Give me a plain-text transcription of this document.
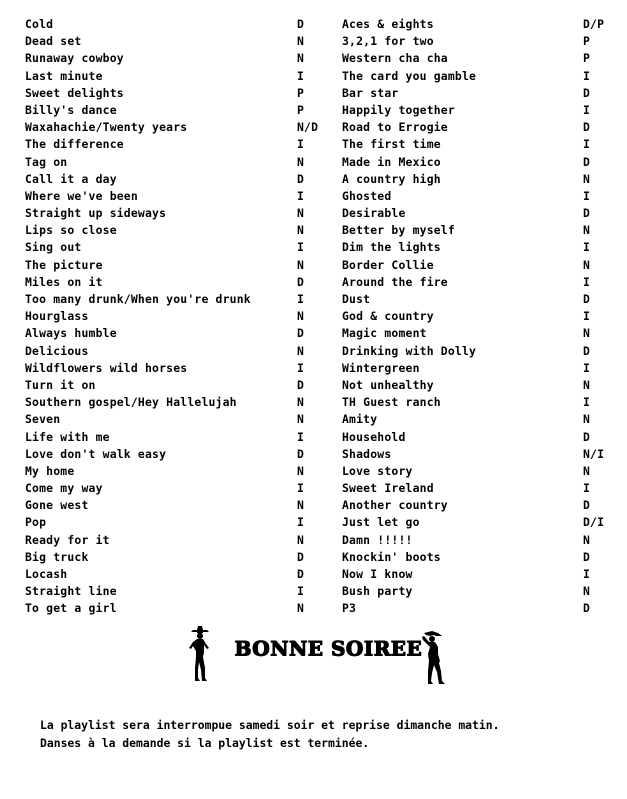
Cold	D
Dead set	N
Runaway cowboy	N
Last minute	I
Sweet delights	P
Billy's dance	P
Waxahachie/Twenty years	N/D
The difference	I
Tag on	N
Call it a day	D
Where we've been	I
Straight up sideways	N
Lips so close	N
Sing out	I
The picture	N
Miles on it	D
Too many drunk/When you're drunk	I
Hourglass	N
Always humble	D
Delicious	N
Wildflowers wild horses	I
Turn it on	D
Southern gospel/Hey Hallelujah	N
Seven	N
Life with me	I
Love don't walk easy	D
My home	N
Come my way	I
Gone west	N
Pop	I
Ready for it	N
Big truck	D
Locash	D
Straight line	I
To get a girl	N
Aces & eights	D/P
3,2,1 for two	P
Western cha cha	P
The card you gamble	I
Bar star	D
Happily together	I
Road to Errogie	D
The first time	I
Made in Mexico	D
A country high	N
Ghosted	I
Desirable	D
Better by myself	N
Dim the lights	I
Border Collie	N
Around the fire	I
Dust	D
God & country	I
Magic moment	N
Drinking with Dolly	D
Wintergreen	I
Not unhealthy	N
TH Guest ranch	I
Amity	N
Household	D
Shadows	N/I
Love story	N
Sweet Ireland	I
Another country	D
Just let go	D/I
Damn !!!!!	N
Knockin' boots	D
Now I know	I
Bush party	N
P3	D
BONNE SOIREE
La playlist sera interrompue samedi soir et reprise dimanche matin.
Danses à la demande si la playlist est terminée.
